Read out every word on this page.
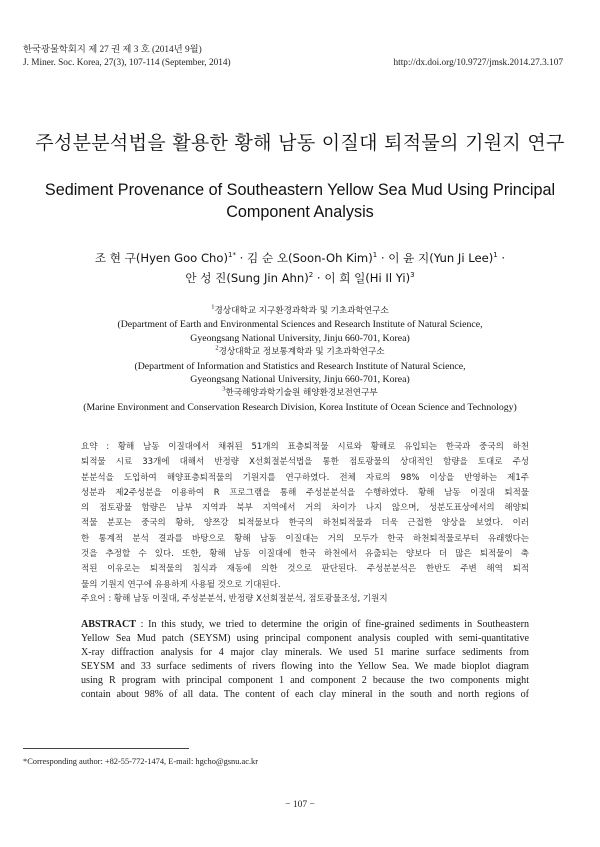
한국광물학회지 제 27 권 제 3 호 (2014년 9월)
J. Miner. Soc. Korea, 27(3), 107-114 (September, 2014)	http://dx.doi.org/10.9727/jmsk.2014.27.3.107
주성분분석법을 활용한 황해 남동 이질대 퇴적물의 기원지 연구
Sediment Provenance of Southeastern Yellow Sea Mud Using Principal
Component Analysis
조 현 구(Hyen Goo Cho)$^{1*}$ · 김 순 오(Soon-Oh Kim)$^1$ · 이 윤 지(Yun Ji Lee)$^1$ ·
안 성 진(Sung Jin Ahn)$^2$ · 이 희 일(Hi Il Yi)$^3$
$^1$경상대학교 지구환경과학과 및 기초과학연구소
(Department of Earth and Environmental Sciences and Research Institute of Natural Science,
Gyeongsang National University, Jinju 660-701, Korea)
$^2$경상대학교 정보통계학과 및 기초과학연구소
(Department of Information and Statistics and Research Institute of Natural Science,
Gyeongsang National University, Jinju 660-701, Korea)
$^3$한국해양과학기술원 해양환경보전연구부
(Marine Environment and Conservation Research Division, Korea Institute of Ocean Science and Technology)
요약 : 황해 남동 이질대에서 채취된 51개의 표층퇴적물 시료와 황해로 유입되는 한국과 중국의 하천
퇴적물 시료 33개에 대해서 반정량 X선회절분석법을 통한 점토광물의 상대적인 함량을 토대로 주성
분분석을 도입하여 해양표층퇴적물의 기원지를 연구하였다. 전체 자료의 98% 이상을 반영하는 제1주
성분과 제2주성분을 이용하여 R 프로그램을 통해 주성분분석을 수행하였다. 황해 남동 이질대 퇴적물
의 점토광물 함량은 남부 지역과 북부 지역에서 거의 차이가 나지 않으며, 성분도표상에서의 해양퇴
적물 분포는 중국의 황하, 양쯔강 퇴적물보다 한국의 하천퇴적물과 더욱 근접한 양상을 보였다. 이러
한 통계적 분석 결과를 바탕으로 황해 남동 이질대는 거의 모두가 한국 하천퇴적물로부터 유래했다는
것을 추정할 수 있다. 또한, 황해 남동 이질대에 한국 하천에서 유출되는 양보다 더 많은 퇴적물이 축
적된 이유로는 퇴적물의 침식과 재동에 의한 것으로 판단된다. 주성분분석은 한반도 주변 해역 퇴적
물의 기원지 연구에 유용하게 사용될 것으로 기대된다.
주요어 : 황해 남동 이질대, 주성분분석, 반정량 X선회절분석, 점토광물조성, 기원지
ABSTRACT : In this study, we tried to determine the origin of fine-grained sediments in Southeastern
Yellow Sea Mud patch (SEYSM) using principal component analysis coupled with semi-quantitative
X-ray diffraction analysis for 4 major clay minerals. We used 51 marine surface sediments from
SEYSM and 33 surface sediments of rivers flowing into the Yellow Sea. We made bioplot diagram
using R program with principal component 1 and component 2 because the two components might
contain about 98% of all data. The content of each clay mineral in the south and north regions of
*Corresponding author: +82-55-772-1474, E-mail: hgcho@gsnu.ac.kr
− 107 −
